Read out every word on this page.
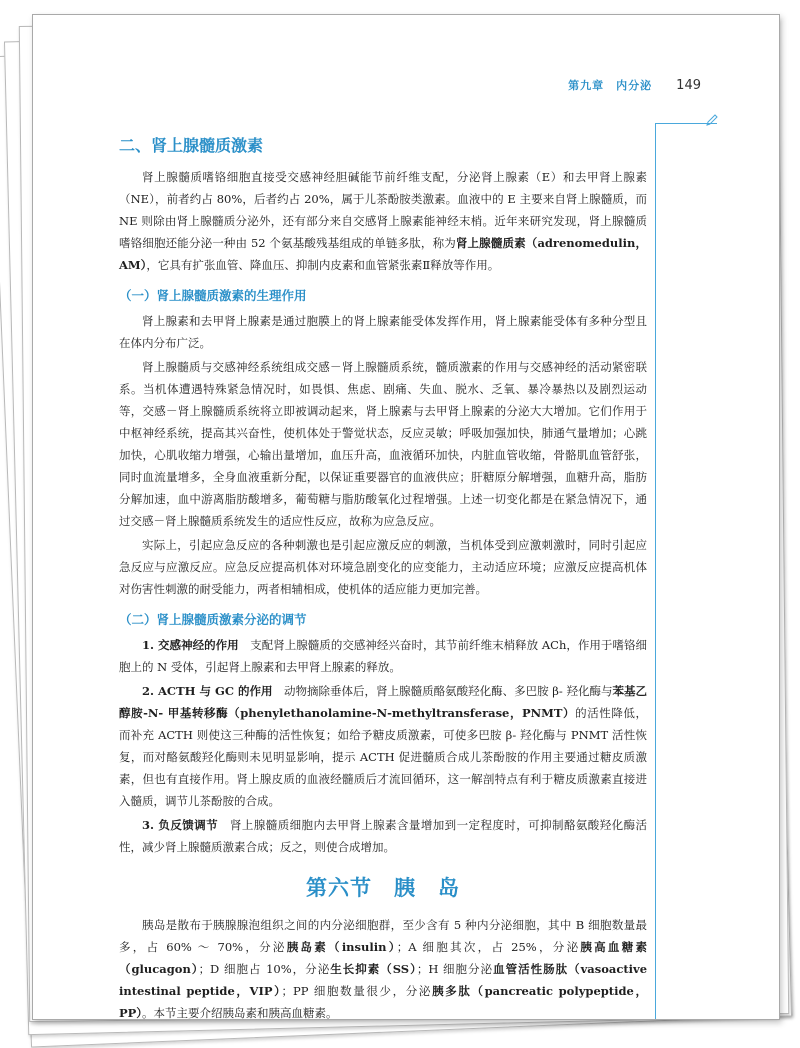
第九章　内分泌 149
二、肾上腺髓质激素

肾上腺髓质嗜铬细胞直接受交感神经胆碱能节前纤维支配，分泌肾上腺素（E）和去甲肾上腺素（NE），前者约占 80%，后者约占 20%，属于儿茶酚胺类激素。血液中的 E 主要来自肾上腺髓质，而 NE 则除由肾上腺髓质分泌外，还有部分来自交感肾上腺素能神经末梢。近年来研究发现，肾上腺髓质嗜铬细胞还能分泌一种由 52 个氨基酸残基组成的单链多肽，称为肾上腺髓质素（adrenomedulin，AM），它具有扩张血管、降血压、抑制内皮素和血管紧张素Ⅱ释放等作用。

（一）肾上腺髓质激素的生理作用

肾上腺素和去甲肾上腺素是通过胞膜上的肾上腺素能受体发挥作用，肾上腺素能受体有多种分型且在体内分布广泛。

肾上腺髓质与交感神经系统组成交感－肾上腺髓质系统，髓质激素的作用与交感神经的活动紧密联系。当机体遭遇特殊紧急情况时，如畏惧、焦虑、剧痛、失血、脱水、乏氧、暴冷暴热以及剧烈运动等，交感－肾上腺髓质系统将立即被调动起来，肾上腺素与去甲肾上腺素的分泌大大增加。它们作用于中枢神经系统，提高其兴奋性，使机体处于警觉状态，反应灵敏；呼吸加强加快，肺通气量增加；心跳加快，心肌收缩力增强，心输出量增加，血压升高，血液循环加快，内脏血管收缩，骨骼肌血管舒张，同时血流量增多，全身血液重新分配，以保证重要器官的血液供应；肝糖原分解增强，血糖升高，脂肪分解加速，血中游离脂肪酸增多，葡萄糖与脂肪酸氧化过程增强。上述一切变化都是在紧急情况下，通过交感－肾上腺髓质系统发生的适应性反应，故称为应急反应。

实际上，引起应急反应的各种刺激也是引起应激反应的刺激，当机体受到应激刺激时，同时引起应急反应与应激反应。应急反应提高机体对环境急剧变化的应变能力，主动适应环境；应激反应提高机体对伤害性刺激的耐受能力，两者相辅相成，使机体的适应能力更加完善。

（二）肾上腺髓质激素分泌的调节

1. 交感神经的作用　支配肾上腺髓质的交感神经兴奋时，其节前纤维末梢释放 ACh，作用于嗜铬细胞上的 N 受体，引起肾上腺素和去甲肾上腺素的释放。

2. ACTH 与 GC 的作用　动物摘除垂体后，肾上腺髓质酪氨酸羟化酶、多巴胺 β- 羟化酶与苯基乙醇胺-N- 甲基转移酶（phenylethanolamine-N-methyltransferase，PNMT）的活性降低，而补充 ACTH 则使这三种酶的活性恢复；如给予糖皮质激素，可使多巴胺 β- 羟化酶与 PNMT 活性恢复，而对酪氨酸羟化酶则未见明显影响，提示 ACTH 促进髓质合成儿茶酚胺的作用主要通过糖皮质激素，但也有直接作用。肾上腺皮质的血液经髓质后才流回循环，这一解剖特点有利于糖皮质激素直接进入髓质，调节儿茶酚胺的合成。

3. 负反馈调节　肾上腺髓质细胞内去甲肾上腺素含量增加到一定程度时，可抑制酪氨酸羟化酶活性，减少肾上腺髓质激素合成；反之，则使合成增加。

第六节　胰　岛

胰岛是散布于胰腺腺泡组织之间的内分泌细胞群，至少含有 5 种内分泌细胞，其中 B 细胞数量最多，占 60% ～ 70%，分泌胰岛素（insulin）；A 细胞其次，占 25%，分泌胰高血糖素（glucagon）；D 细胞占 10%，分泌生长抑素（SS）；H 细胞分泌血管活性肠肽（vasoactive intestinal peptide，VIP）；PP 细胞数量很少，分泌胰多肽（pancreatic polypeptide，PP）。本节主要介绍胰岛素和胰高血糖素。
